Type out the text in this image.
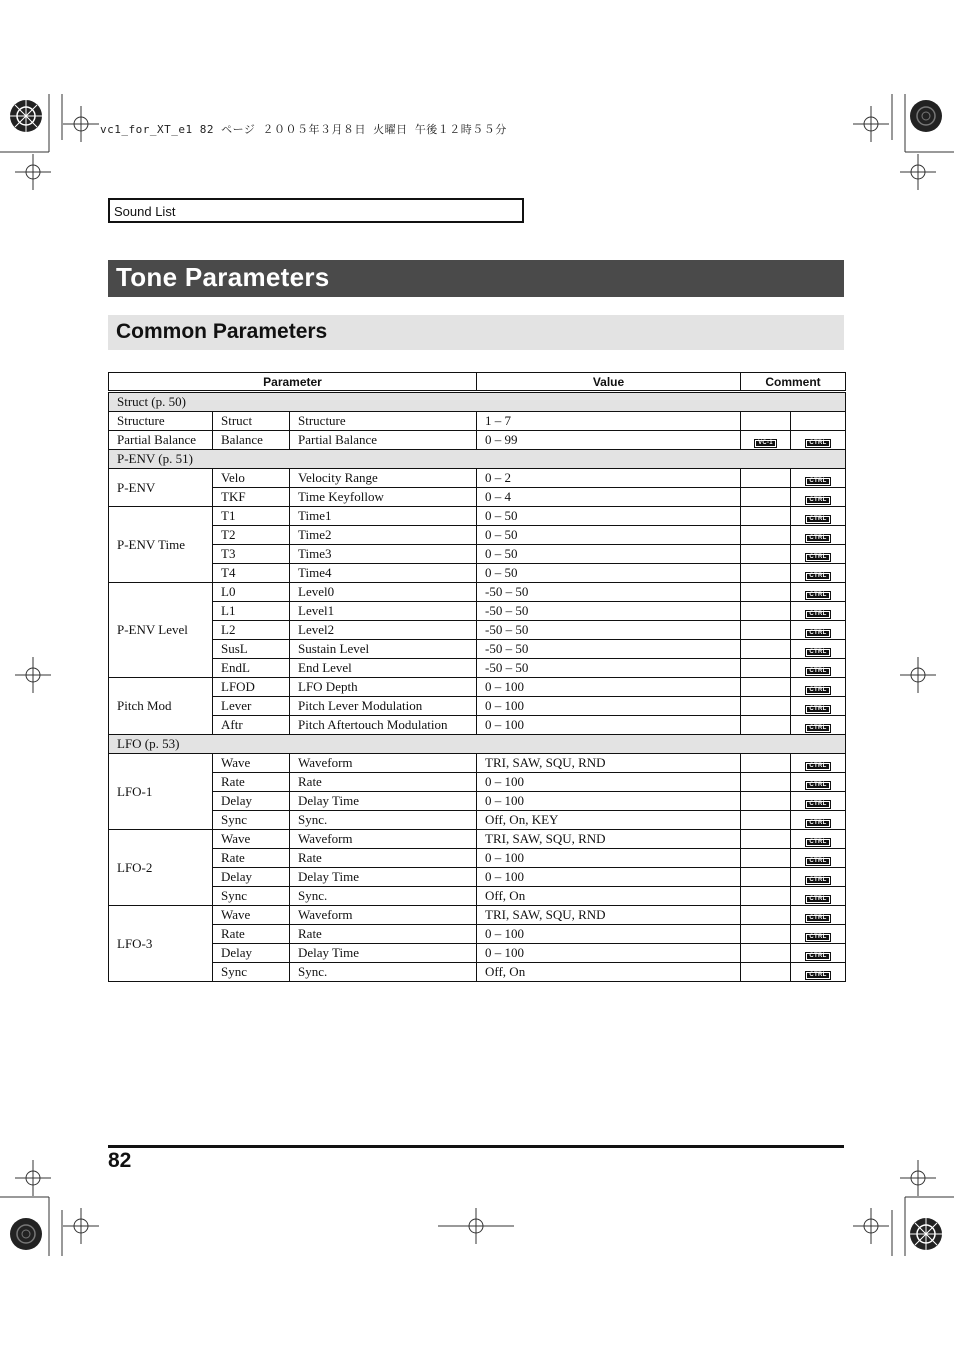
vc1_for_XT_e1 82 ページ ２００５年３月８日 火曜日 午後１２時５５分
Sound List
Tone Parameters
Common Parameters
Parameter			Value	Comment	
Struct (p. 50)					
Structure	Struct	Structure	1 – 7		
Partial Balance	Balance	Partial Balance	0 – 99	VC-1	CTRL
P-ENV (p. 51)					
P-ENV	Velo	Velocity Range	0 – 2		CTRL
	TKF	Time Keyfollow	0 – 4		CTRL
P-ENV Time	T1	Time1	0 – 50		CTRL
	T2	Time2	0 – 50		CTRL
	T3	Time3	0 – 50		CTRL
	T4	Time4	0 – 50		CTRL
P-ENV Level	L0	Level0	-50 – 50		CTRL
	L1	Level1	-50 – 50		CTRL
	L2	Level2	-50 – 50		CTRL
	SusL	Sustain Level	-50 – 50		CTRL
	EndL	End Level	-50 – 50		CTRL
Pitch Mod	LFOD	LFO Depth	0 – 100		CTRL
	Lever	Pitch Lever Modulation	0 – 100		CTRL
	Aftr	Pitch Aftertouch Modulation	0 – 100		CTRL
LFO (p. 53)					
LFO-1	Wave	Waveform	TRI, SAW, SQU, RND		CTRL
	Rate	Rate	0 – 100		CTRL
	Delay	Delay Time	0 – 100		CTRL
	Sync	Sync.	Off, On, KEY		CTRL
LFO-2	Wave	Waveform	TRI, SAW, SQU, RND		CTRL
	Rate	Rate	0 – 100		CTRL
	Delay	Delay Time	0 – 100		CTRL
	Sync	Sync.	Off, On		CTRL
LFO-3	Wave	Waveform	TRI, SAW, SQU, RND		CTRL
	Rate	Rate	0 – 100		CTRL
	Delay	Delay Time	0 – 100		CTRL
	Sync	Sync.	Off, On		CTRL
82
